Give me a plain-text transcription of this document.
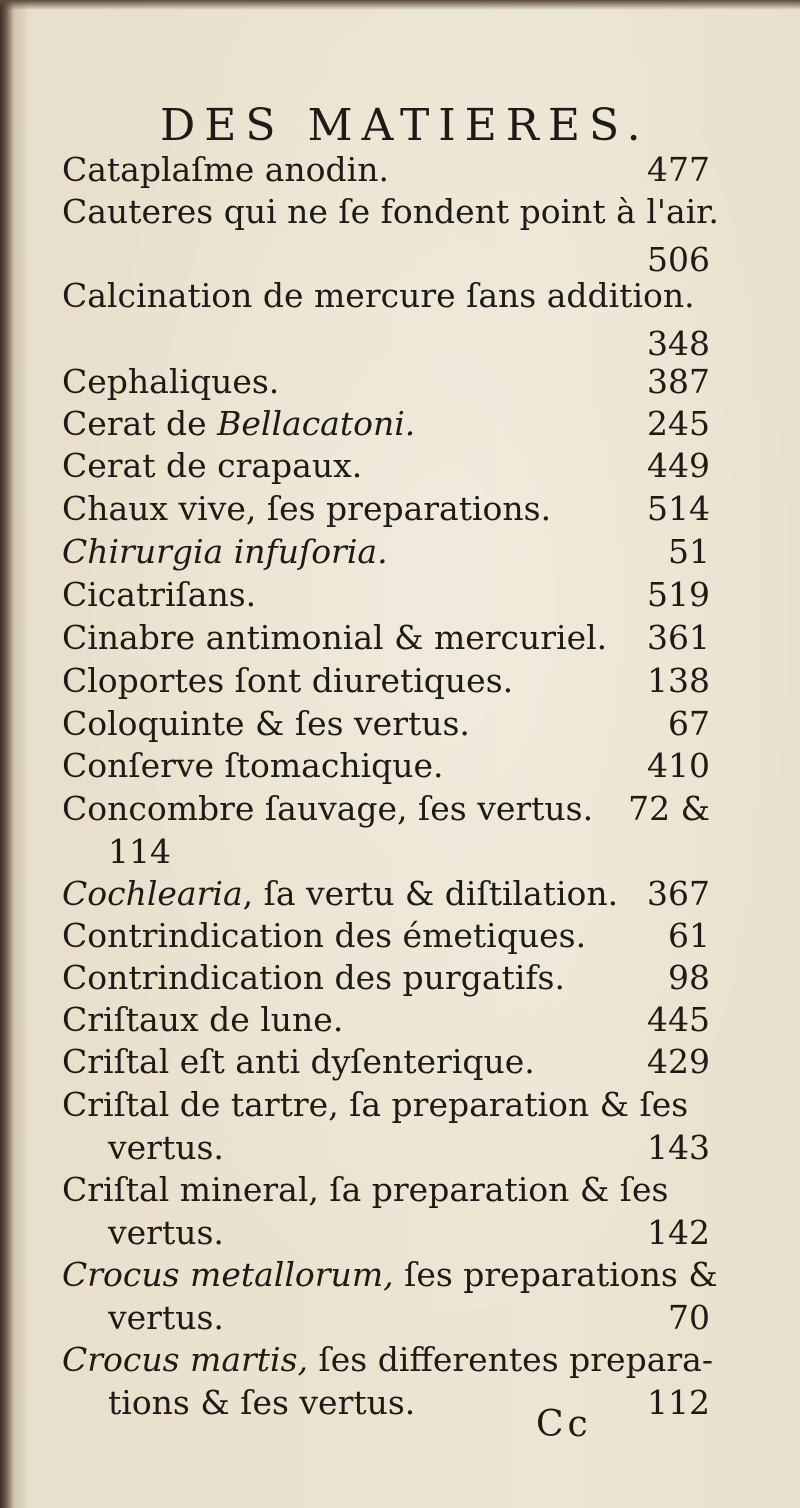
DES MATIERES.
Cataplaſme anodin.	477
Cauteres qui ne ſe fondent point à l'air.
506
Calcination de mercure ſans addition.
348
Cephaliques.	387
Cerat de Bellacatoni.	245
Cerat de crapaux.	449
Chaux vive, ſes preparations.	514
Chirurgia infuſoria.	51
Cicatriſans.	519
Cinabre antimonial & mercuriel. 361
Cloportes ſont diuretiques.	138
Coloquinte & ſes vertus.	67
Conſerve ſtomachique.	410
Concombre ſauvage, ſes vertus. 72 &
114
Cochlearia, ſa vertu & diſtilation. 367
Contrindication des émetiques. 61
Contrindication des purgatifs.	98
Criſtaux de lune.	445
Criſtal eſt anti dyſenterique.	429
Criſtal de tartre, ſa preparation & ſes
vertus.	143
Criſtal mineral, ſa preparation & ſes
vertus.	142
Crocus metallorum, ſes preparations &
vertus.	70
Crocus martis, ſes differentes prepara-
tions & ſes vertus.	112
Cc
